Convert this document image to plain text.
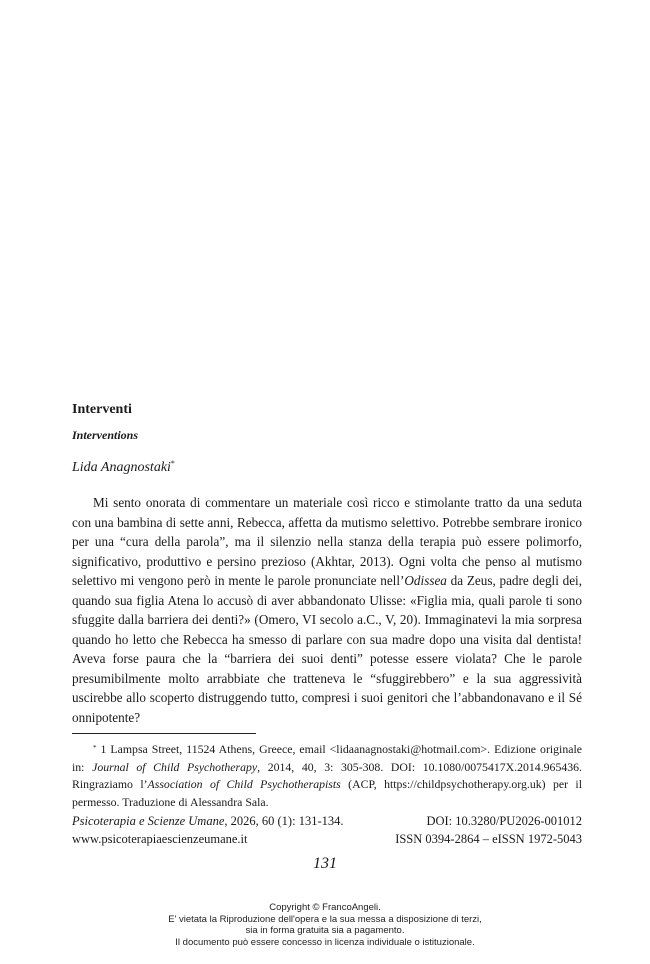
Interventi
Interventions
Lida Anagnostaki*

Mi sento onorata di commentare un materiale così ricco e stimolante tratto da una seduta con una bambina di sette anni, Rebecca, affetta da mutismo selettivo. Potrebbe sembrare ironico per una “cura della parola”, ma il silenzio nella stanza della terapia può essere polimorfo, significativo, produttivo e persino prezioso (Akhtar, 2013). Ogni volta che penso al mutismo selettivo mi vengono però in mente le parole pronunciate nell’Odissea da Zeus, padre degli dei, quando sua figlia Atena lo accusò di aver abbandonato Ulisse: «Figlia mia, quali parole ti sono sfuggite dalla barriera dei denti?» (Omero, VI secolo a.C., V, 20). Immaginatevi la mia sorpresa quando ho letto che Rebecca ha smesso di parlare con sua madre dopo una visita dal dentista! Aveva forse paura che la “barriera dei suoi denti” potesse essere violata? Che le parole presumibilmente molto arrabbiate che tratteneva le “sfuggirebbero” e la sua aggressività uscirebbe allo scoperto distruggendo tutto, compresi i suoi genitori che l’abbandonavano e il Sé onnipotente?

* 1 Lampsa Street, 11524 Athens, Greece, email <lidaanagnostaki@hotmail.com>. Edizione originale in: Journal of Child Psychotherapy, 2014, 40, 3: 305-308. DOI: 10.1080/0075417X.2014.965436. Ringraziamo l’Association of Child Psychotherapists (ACP, https://childpsychotherapy.org.uk) per il permesso. Traduzione di Alessandra Sala.

Psicoterapia e Scienze Umane, 2026, 60 (1): 131-134.	DOI: 10.3280/PU2026-001012
www.psicoterapiaescienzeumane.it	ISSN 0394-2864 – eISSN 1972-5043
131
Copyright © FrancoAngeli.
E' vietata la Riproduzione dell'opera e la sua messa a disposizione di terzi,
sia in forma gratuita sia a pagamento.
Il documento può essere concesso in licenza individuale o istituzionale.
